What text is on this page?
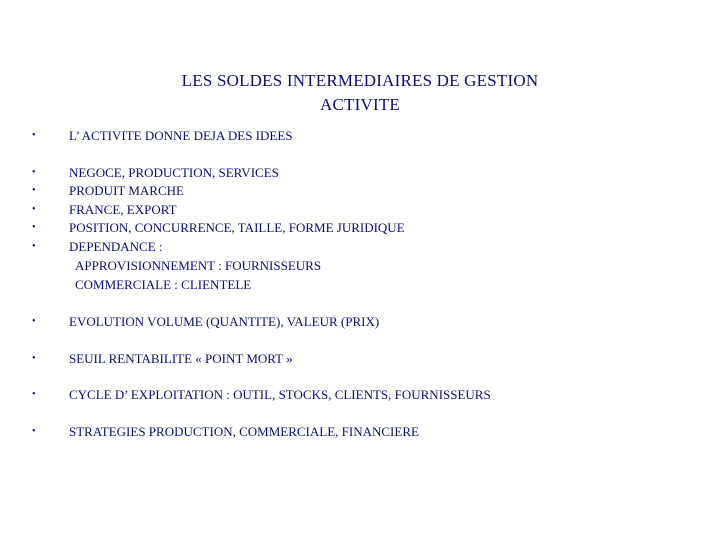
LES SOLDES INTERMEDIAIRES DE GESTION
ACTIVITE
•	L’ ACTIVITE DONNE DEJA DES IDEES
•	NEGOCE, PRODUCTION, SERVICES
•	PRODUIT MARCHE
•	FRANCE, EXPORT
•	POSITION, CONCURRENCE, TAILLE, FORME JURIDIQUE
•	DEPENDANCE :
APPROVISIONNEMENT : FOURNISSEURS
COMMERCIALE : CLIENTELE
•	EVOLUTION VOLUME (QUANTITE), VALEUR (PRIX)
•	SEUIL RENTABILITE « POINT MORT »
•	CYCLE D’ EXPLOITATION : OUTIL, STOCKS, CLIENTS, FOURNISSEURS
•	STRATEGIES PRODUCTION, COMMERCIALE, FINANCIERE
